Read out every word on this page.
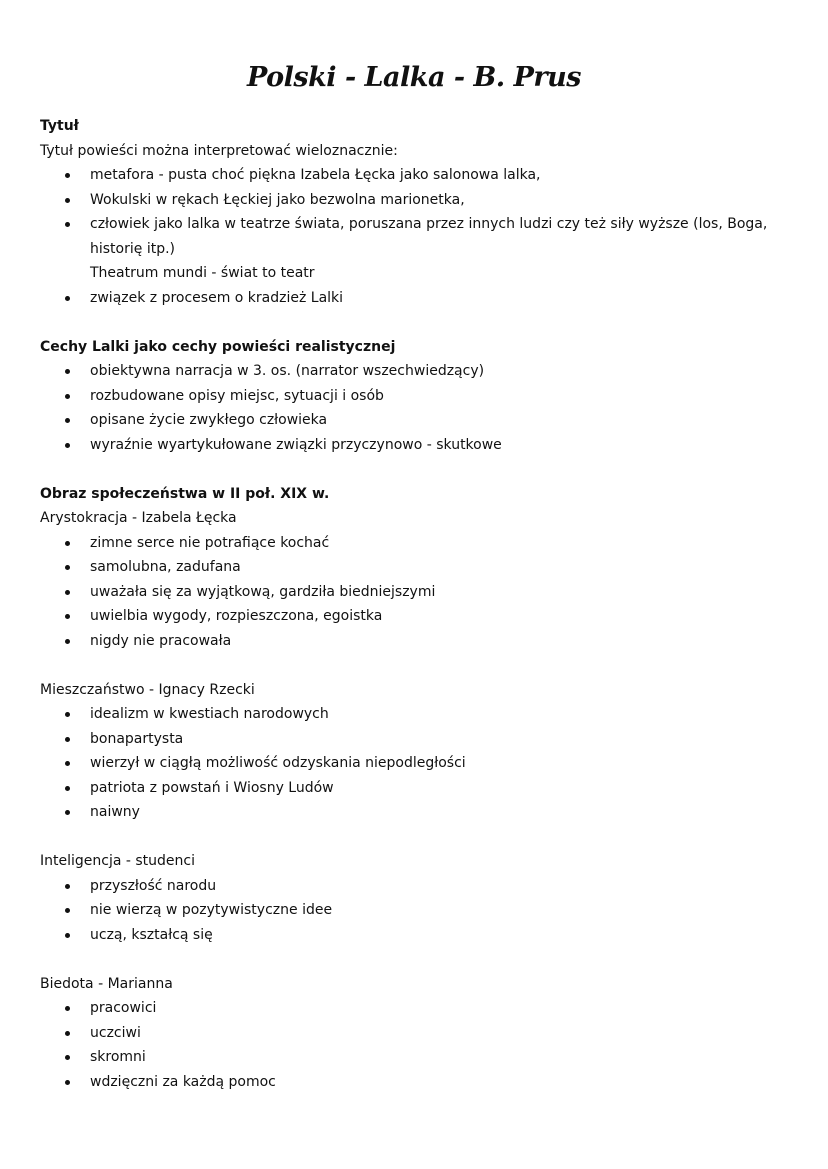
Polski - Lalka - B. Prus

Tytuł

Tytuł powieści można interpretować wieloznacznie:

metafora - pusta choć piękna Izabela Łęcka jako salonowa lalka,
Wokulski w rękach Łęckiej jako bezwolna marionetka,
człowiek jako lalka w teatrze świata, poruszana przez innych ludzi czy też siły wyższe (los, Boga,
historię itp.)
Theatrum mundi - świat to teatr
związek z procesem o kradzież Lalki

Cechy Lalki jako cechy powieści realistycznej

obiektywna narracja w 3. os. (narrator wszechwiedzący)
rozbudowane opisy miejsc, sytuacji i osób
opisane życie zwykłego człowieka
wyraźnie wyartykułowane związki przyczynowo - skutkowe

Obraz społeczeństwa w II poł. XIX w.

Arystokracja - Izabela Łęcka

zimne serce nie potrafiące kochać
samolubna, zadufana
uważała się za wyjątkową, gardziła biedniejszymi
uwielbia wygody, rozpieszczona, egoistka
nigdy nie pracowała

Mieszczaństwo - Ignacy Rzecki

idealizm w kwestiach narodowych
bonapartysta
wierzył w ciągłą możliwość odzyskania niepodległości
patriota z powstań i Wiosny Ludów
naiwny

Inteligencja - studenci

przyszłość narodu
nie wierzą w pozytywistyczne idee
uczą, kształcą się

Biedota - Marianna

pracowici
uczciwi
skromni
wdzięczni za każdą pomoc
